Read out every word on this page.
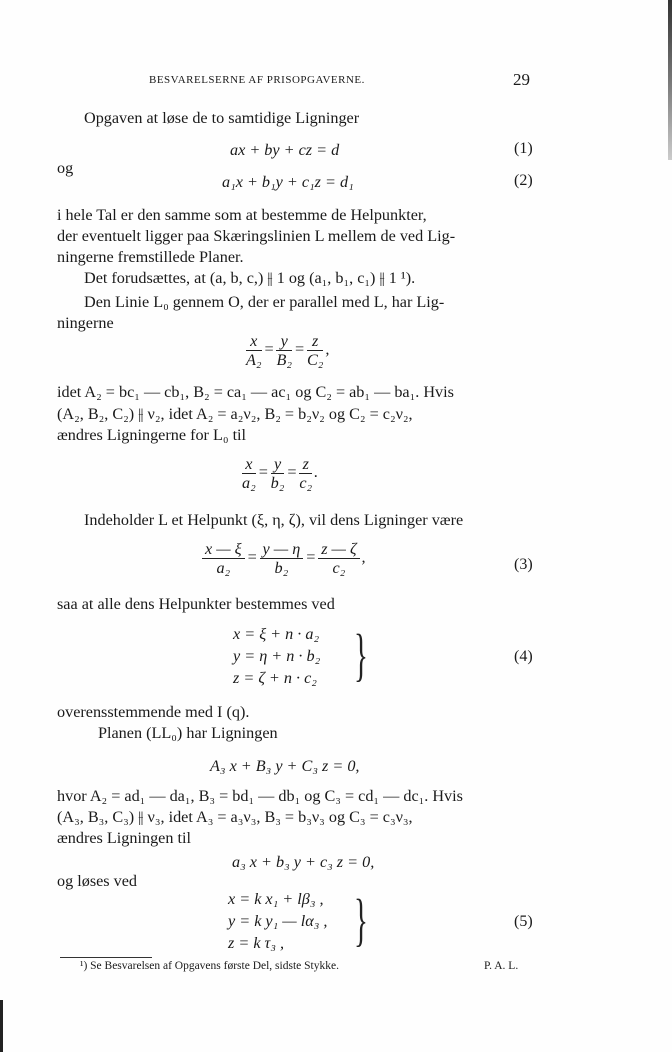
BESVARELSERNE AF PRISOPGAVERNE.	29
Opgaven at løse de to samtidige Ligninger
ax + by + cz = d	(1)
og
a₁x + b₁y + c₁z = d₁	(2)
i hele Tal er den samme som at bestemme de Helpunkter,
der eventuelt ligger paa Skæringslinien L mellem de ved Lig-
ningerne fremstillede Planer.
Det forudsættes, at (a, b, c,) ⫲ 1 og (a₁, b₁, c₁) ⫲ 1 ¹).
Den Linie L₀ gennem O, der er parallel med L, har Lig-
ningerne
$\frac{x}{\text{A₂}} = \frac{y}{\text{B₂}} = \frac{z}{\text{C₂}}$ ,
idet A₂ = bc₁ — cb₁, B₂ = ca₁ — ac₁ og C₂ = ab₁ — ba₁. Hvis
(A₂, B₂, C₂) ⫲ ν₂, idet A₂ = a₂ν₂, B₂ = b₂ν₂ og C₂ = c₂ν₂,
ændres Ligningerne for L₀ til
$\frac{x}{\text{a₂}} = \frac{y}{\text{b₂}} = \frac{z}{\text{c₂}}$ .
Indeholder L et Helpunkt (ξ, η, ζ), vil dens Ligninger være
$\frac{x — \xi}{\text{a₂}} = \frac{y — \eta}{\text{b₂}} = \frac{z — \zeta}{\text{c₂}}$ ,	(3)
saa at alle dens Helpunkter bestemmes ved
x = ξ + n · a₂
y = η + n · b₂
z = ζ + n · c₂ }	(4)
overensstemmende med I (q).
Planen (LL₀) har Ligningen
A₃ x + B₃ y + C₃ z = 0,
hvor A₂ = ad₁ — da₁, B₃ = bd₁ — db₁ og C₃ = cd₁ — dc₁. Hvis
(A₃, B₃, C₃) ⫲ ν₃, idet A₃ = a₃ν₃, B₃ = b₃ν₃ og C₃ = c₃ν₃,
ændres Ligningen til
a₃ x + b₃ y + c₃ z = 0,
og løses ved
x = k x₁ + lβ₃ ,
y = k y₁ — lα₃ ,
z = k τ₃ , }	(5)
¹) Se Besvarelsen af Opgavens første Del, sidste Stykke.	P. A. L.
